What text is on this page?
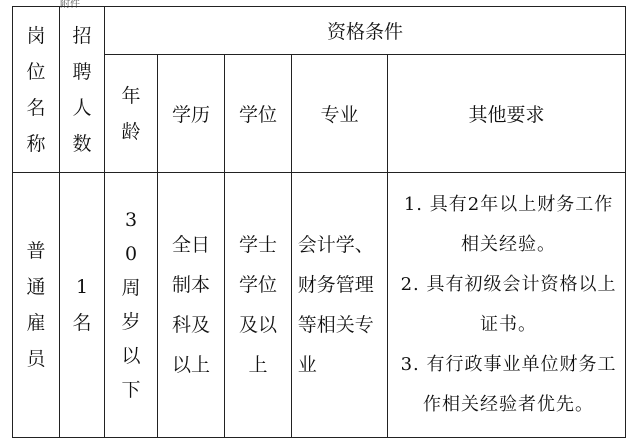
附件
岗位名称	招聘人数	资格条件				
		年龄	学历	学位	专业	其他要求
普通雇员	1名	30周岁以下	全日制本科及以上	学士学位及以上	会计学、财务管理等相关专业	1. 具有2年以上财务工作相关经验。
2. 具有初级会计资格以上证书。
3. 有行政事业单位财务工作相关经验者优先。
